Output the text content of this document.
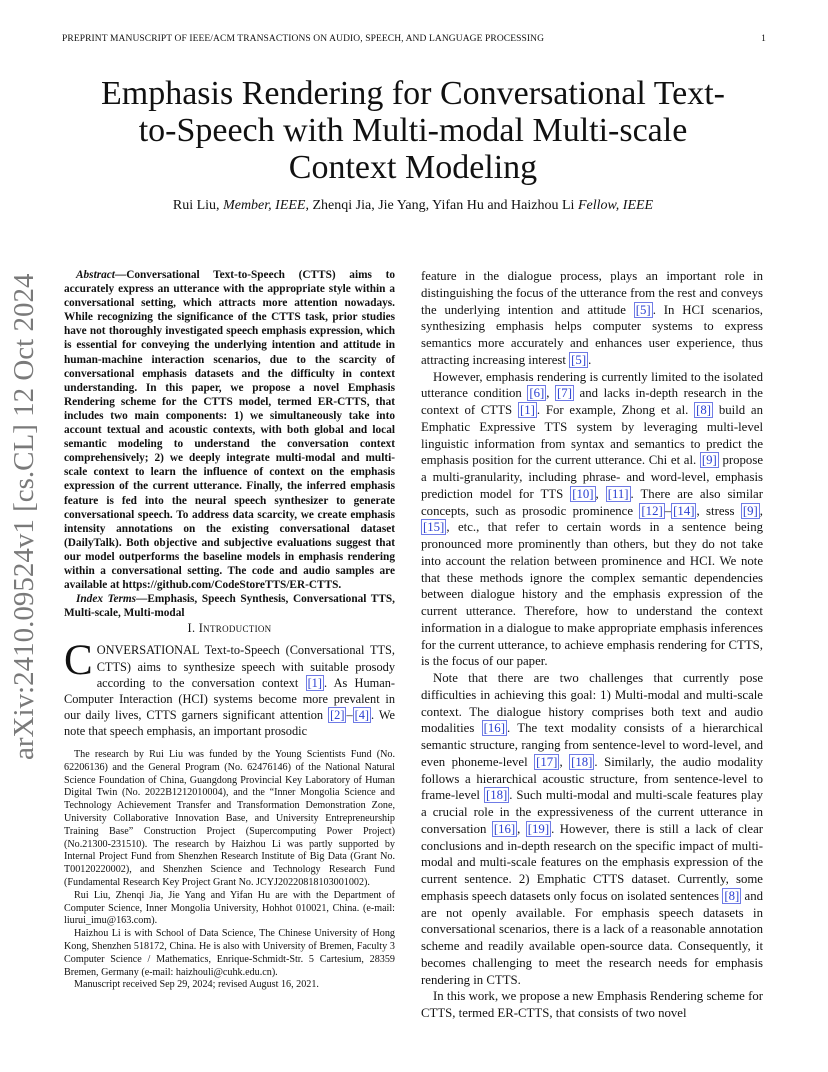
PREPRINT MANUSCRIPT OF IEEE/ACM TRANSACTIONS ON AUDIO, SPEECH, AND LANGUAGE PROCESSING	1
arXiv:2410.09524v1 [cs.CL] 12 Oct 2024
Emphasis Rendering for Conversational Text-to-Speech with Multi-modal Multi-scale Context Modeling
Rui Liu, Member, IEEE, Zhenqi Jia, Jie Yang, Yifan Hu and Haizhou Li Fellow, IEEE

Abstract—Conversational Text-to-Speech (CTTS) aims to accurately express an utterance with the appropriate style within a conversational setting, which attracts more attention nowadays. While recognizing the significance of the CTTS task, prior studies have not thoroughly investigated speech emphasis expression, which is essential for conveying the underlying intention and attitude in human-machine interaction scenarios, due to the scarcity of conversational emphasis datasets and the difficulty in context understanding. In this paper, we propose a novel Emphasis Rendering scheme for the CTTS model, termed ER-CTTS, that includes two main components: 1) we simultaneously take into account textual and acoustic contexts, with both global and local semantic modeling to understand the conversation context comprehensively; 2) we deeply integrate multi-modal and multi-scale context to learn the influence of context on the emphasis expression of the current utterance. Finally, the inferred emphasis feature is fed into the neural speech synthesizer to generate conversational speech. To address data scarcity, we create emphasis intensity annotations on the existing conversational dataset (DailyTalk). Both objective and subjective evaluations suggest that our model outperforms the baseline models in emphasis rendering within a conversational setting. The code and audio samples are available at https://github.com/CodeStoreTTS/ER-CTTS.

Index Terms—Emphasis, Speech Synthesis, Conversational TTS, Multi-scale, Multi-modal

I. Introduction

CONVERSATIONAL Text-to-Speech (Conversational TTS, CTTS) aims to synthesize speech with suitable prosody according to the conversation context [1] . As Human-Computer Interaction (HCI) systems become more prevalent in our daily lives, CTTS garners significant attention [2] – [4] . We note that speech emphasis, an important prosodic

The research by Rui Liu was funded by the Young Scientists Fund (No. 62206136) and the General Program (No. 62476146) of the National Natural Science Foundation of China, Guangdong Provincial Key Laboratory of Human Digital Twin (No. 2022B1212010004), and the “Inner Mongolia Science and Technology Achievement Transfer and Transformation Demonstration Zone, University Collaborative Innovation Base, and University Entrepreneurship Training Base” Construction Project (Supercomputing Power Project) (No.21300-231510). The research by Haizhou Li was partly supported by Internal Project Fund from Shenzhen Research Institute of Big Data (Grant No. T00120220002), and Shenzhen Science and Technology Research Fund (Fundamental Research Key Project Grant No. JCYJ20220818103001002).

Rui Liu, Zhenqi Jia, Jie Yang and Yifan Hu are with the Department of Computer Science, Inner Mongolia University, Hohhot 010021, China. (e-mail: liurui_imu@163.com).

Haizhou Li is with School of Data Science, The Chinese University of Hong Kong, Shenzhen 518172, China. He is also with University of Bremen, Faculty 3 Computer Science / Mathematics, Enrique-Schmidt-Str. 5 Cartesium, 28359 Bremen, Germany (e-mail: haizhouli@cuhk.edu.cn).

Manuscript received Sep 29, 2024; revised August 16, 2021.

feature in the dialogue process, plays an important role in distinguishing the focus of the utterance from the rest and conveys the underlying intention and attitude [5] . In HCI scenarios, synthesizing emphasis helps computer systems to express semantics more accurately and enhances user experience, thus attracting increasing interest [5] .

However, emphasis rendering is currently limited to the isolated utterance condition [6] , [7] and lacks in-depth research in the context of CTTS [1] . For example, Zhong et al. [8] build an Emphatic Expressive TTS system by leveraging multi-level linguistic information from syntax and semantics to predict the emphasis position for the current utterance. Chi et al. [9] propose a multi-granularity, including phrase- and word-level, emphasis prediction model for TTS [10] , [11] . There are also similar concepts, such as prosodic prominence [12] – [14] , stress [9] , [15] , etc., that refer to certain words in a sentence being pronounced more prominently than others, but they do not take into account the relation between prominence and HCI. We note that these methods ignore the complex semantic dependencies between dialogue history and the emphasis expression of the current utterance. Therefore, how to understand the context information in a dialogue to make appropriate emphasis inferences for the current utterance, to achieve emphasis rendering for CTTS, is the focus of our paper.

Note that there are two challenges that currently pose difficulties in achieving this goal: 1) Multi-modal and multi-scale context. The dialogue history comprises both text and audio modalities [16] . The text modality consists of a hierarchical semantic structure, ranging from sentence-level to word-level, and even phoneme-level [17] , [18] . Similarly, the audio modality follows a hierarchical acoustic structure, from sentence-level to frame-level [18] . Such multi-modal and multi-scale features play a crucial role in the expressiveness of the current utterance in conversation [16] , [19] . However, there is still a lack of clear conclusions and in-depth research on the specific impact of multi-modal and multi-scale features on the emphasis expression of the current sentence. 2) Emphatic CTTS dataset. Currently, some emphasis speech datasets only focus on isolated sentences [8] and are not openly available. For emphasis speech datasets in conversational scenarios, there is a lack of a reasonable annotation scheme and readily available open-source data. Consequently, it becomes challenging to meet the research needs for emphasis rendering in CTTS.

In this work, we propose a new Emphasis Rendering scheme for CTTS, termed ER-CTTS, that consists of two novel
